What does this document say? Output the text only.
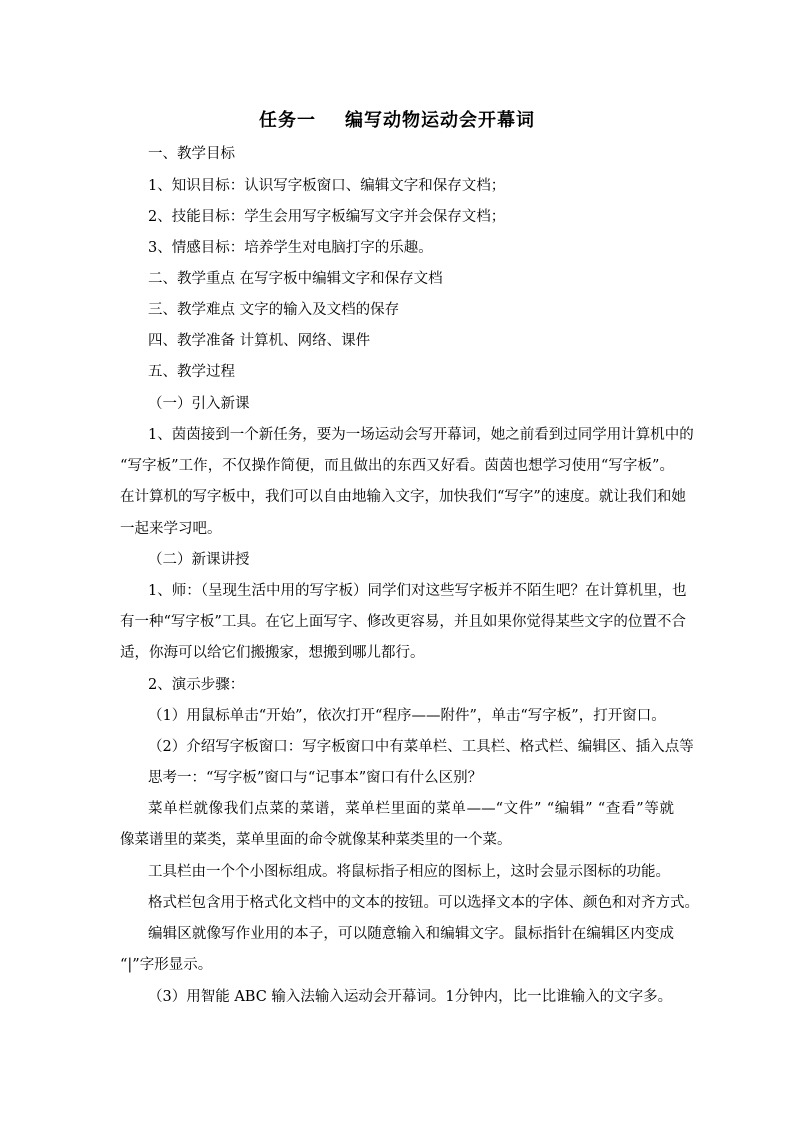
任务一    编写动物运动会开幕词
一、教学目标
1、知识目标：认识写字板窗口、编辑文字和保存文档；
2、技能目标：学生会用写字板编写文字并会保存文档；
3、情感目标：培养学生对电脑打字的乐趣。
二、教学重点 在写字板中编辑文字和保存文档
三、教学难点 文字的输入及文档的保存
四、教学准备 计算机、网络、课件
五、教学过程
（一）引入新课
1、茵茵接到一个新任务，要为一场运动会写开幕词，她之前看到过同学用计算机中的
“写字板”工作，不仅操作简便，而且做出的东西又好看。茵茵也想学习使用“写字板”。
在计算机的写字板中，我们可以自由地输入文字，加快我们“写字”的速度。就让我们和她
一起来学习吧。
（二）新课讲授
1、师：（呈现生活中用的写字板）同学们对这些写字板并不陌生吧？在计算机里，也
有一种“写字板”工具。在它上面写字、修改更容易，并且如果你觉得某些文字的位置不合
适，你海可以给它们搬搬家，想搬到哪儿都行。
2、演示步骤：
（1）用鼠标单击“开始”，依次打开“程序——附件”，单击“写字板”，打开窗口。
（2）介绍写字板窗口：写字板窗口中有菜单栏、工具栏、格式栏、编辑区、插入点等
思考一：“写字板”窗口与“记事本”窗口有什么区别？
菜单栏就像我们点菜的菜谱，菜单栏里面的菜单——“文件” “编辑” “查看”等就
像菜谱里的菜类，菜单里面的命令就像某种菜类里的一个菜。
工具栏由一个个小图标组成。将鼠标指子相应的图标上，这时会显示图标的功能。
格式栏包含用于格式化文档中的文本的按钮。可以选择文本的字体、颜色和对齐方式。
编辑区就像写作业用的本子，可以随意输入和编辑文字。鼠标指针在编辑区内变成
“|”字形显示。
（3）用智能 ABC 输入法输入运动会开幕词。1分钟内，比一比谁输入的文字多。
